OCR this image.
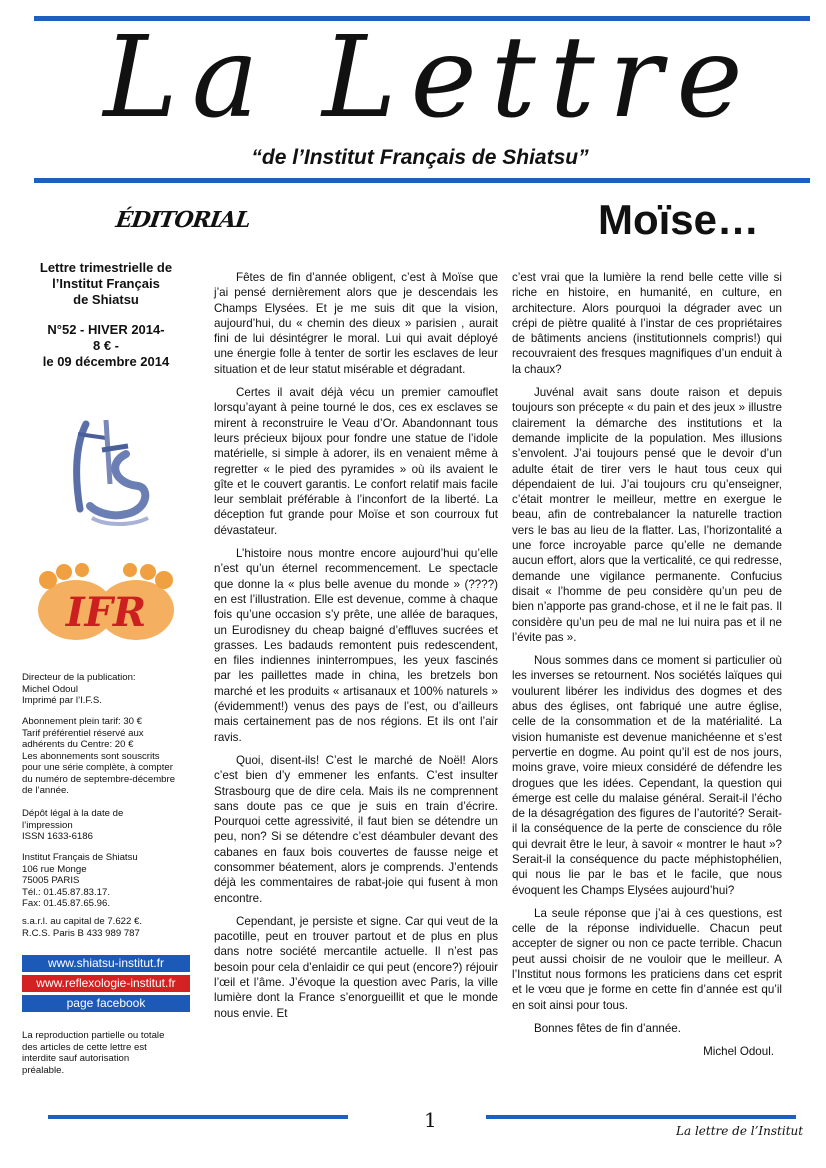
La Lettre
“de l’Institut Français de Shiatsu”
ÉDITORIAL	Moïse…
Lettre trimestrielle de
l’Institut Français
de Shiatsu
N°52 - HIVER 2014-
8 € -
le 09 décembre 2014
IFS
IFR
Directeur de la publication:
Michel Odoul
Imprimé par l’I.F.S.
Abonnement plein tarif: 30 €
Tarif préférentiel réservé aux
adhérents du Centre: 20 €
Les abonnements sont souscrits
pour une série complète, à compter
du numéro de septembre-décembre
de l’année.
Dépôt légal à la date de
l’impression
ISSN 1633-6186
Institut Français de Shiatsu
106 rue Monge
75005 PARIS
Tél.: 01.45.87.83.17.
Fax: 01.45.87.65.96.
s.a.r.l. au capital de 7.622 €.
R.C.S. Paris B 433 989 787
www.shiatsu-institut.fr
www.reflexologie-institut.fr
page facebook
La reproduction partielle ou totale
des articles de cette lettre est
interdite sauf autorisation
préalable.

Fêtes de fin d’année obligent, c’est à Moïse que j’ai pensé dernièrement alors que je descendais les Champs Elysées. Et je me suis dit que la vision, aujourd’hui, du « chemin des dieux » parisien , aurait fini de lui désintégrer le moral. Lui qui avait déployé une énergie folle à tenter de sortir les esclaves de leur situation et de leur statut misérable et dégradant.

Certes il avait déjà vécu un premier camouflet lorsqu’ayant à peine tourné le dos, ces ex esclaves se mirent à reconstruire le Veau d’Or. Abandonnant tous leurs précieux bijoux pour fondre une statue de l’idole matérielle, si simple à adorer, ils en venaient même à regretter « le pied des pyramides » où ils avaient le gîte et le couvert garantis. Le confort relatif mais facile leur semblait préférable à l’inconfort de la liberté. La déception fut grande pour Moïse et son courroux fut dévastateur.

L’histoire nous montre encore aujourd’hui qu’elle n’est qu’un éternel recommencement. Le spectacle que donne la « plus belle avenue du monde » (????) en est l’illustration. Elle est devenue, comme à chaque fois qu’une occasion s’y prête, une allée de baraques, un Eurodisney du cheap baigné d’effluves sucrées et grasses. Les badauds remontent puis redescendent, en files indiennes ininterrompues, les yeux fascinés par les paillettes made in china, les bretzels bon marché et les produits « artisanaux et 100% naturels » (évidemment!) venus des pays de l’est, ou d’ailleurs mais certainement pas de nos régions. Et ils ont l’air ravis.

Quoi, disent-ils! C’est le marché de Noël! Alors c’est bien d’y emmener les enfants. C’est insulter Strasbourg que de dire cela. Mais ils ne comprennent sans doute pas ce que je suis en train d’écrire. Pourquoi cette agressivité, il faut bien se détendre un peu, non? Si se détendre c’est déambuler devant des cabanes en faux bois couvertes de fausse neige et consommer béatement, alors je comprends. J’entends déjà les commentaires de rabat-joie qui fusent à mon encontre.

Cependant, je persiste et signe. Car qui veut de la pacotille, peut en trouver partout et de plus en plus dans notre société mercantile actuelle. Il n’est pas besoin pour cela d’enlaidir ce qui peut (encore?) réjouir l’œil et l’âme. J’évoque la question avec Paris, la ville lumière dont la France s’enorgueillit et que le monde nous envie. Et

c’est vrai que la lumière la rend belle cette ville si riche en histoire, en humanité, en culture, en architecture. Alors pourquoi la dégrader avec un crépi de piètre qualité à l’instar de ces propriétaires de bâtiments anciens (institutionnels compris!) qui recouvraient des fresques magnifiques d’un enduit à la chaux?

Juvénal avait sans doute raison et depuis toujours son précepte « du pain et des jeux » illustre clairement la démarche des institutions et la demande implicite de la population. Mes illusions s’envolent. J’ai toujours pensé que le devoir d’un adulte était de tirer vers le haut tous ceux qui dépendaient de lui. J’ai toujours cru qu’enseigner, c’était montrer le meilleur, mettre en exergue le beau, afin de contrebalancer la naturelle traction vers le bas au lieu de la flatter. Las, l’horizontalité a une force incroyable parce qu’elle ne demande aucun effort, alors que la verticalité, ce qui redresse, demande une vigilance permanente. Confucius disait « l’homme de peu considère qu’un peu de bien n’apporte pas grand-chose, et il ne le fait pas. Il considère qu’un peu de mal ne lui nuira pas et il ne l’évite pas ».

Nous sommes dans ce moment si particulier où les inverses se retournent. Nos sociétés laïques qui voulurent libérer les individus des dogmes et des abus des églises, ont fabriqué une autre église, celle de la consommation et de la matérialité. La vision humaniste est devenue manichéenne et s’est pervertie en dogme. Au point qu’il est de nos jours, moins grave, voire mieux considéré de défendre les drogues que les idées. Cependant, la question qui émerge est celle du malaise général. Serait-il l’écho de la désagrégation des figures de l’autorité? Serait-il la conséquence de la perte de conscience du rôle qui devrait être le leur, à savoir « montrer le haut »? Serait-il la conséquence du pacte méphistophélien, qui nous lie par le bas et le facile, que nous évoquent les Champs Elysées aujourd’hui?

La seule réponse que j’ai à ces questions, est celle de la réponse individuelle. Chacun peut accepter de signer ou non ce pacte terrible. Chacun peut aussi choisir de ne vouloir que le meilleur. A l’Institut nous formons les praticiens dans cet esprit et le vœu que je forme en cette fin d’année est qu’il en soit ainsi pour tous.

Bonnes fêtes de fin d’année.

Michel Odoul.
1	La lettre de l’Institut
